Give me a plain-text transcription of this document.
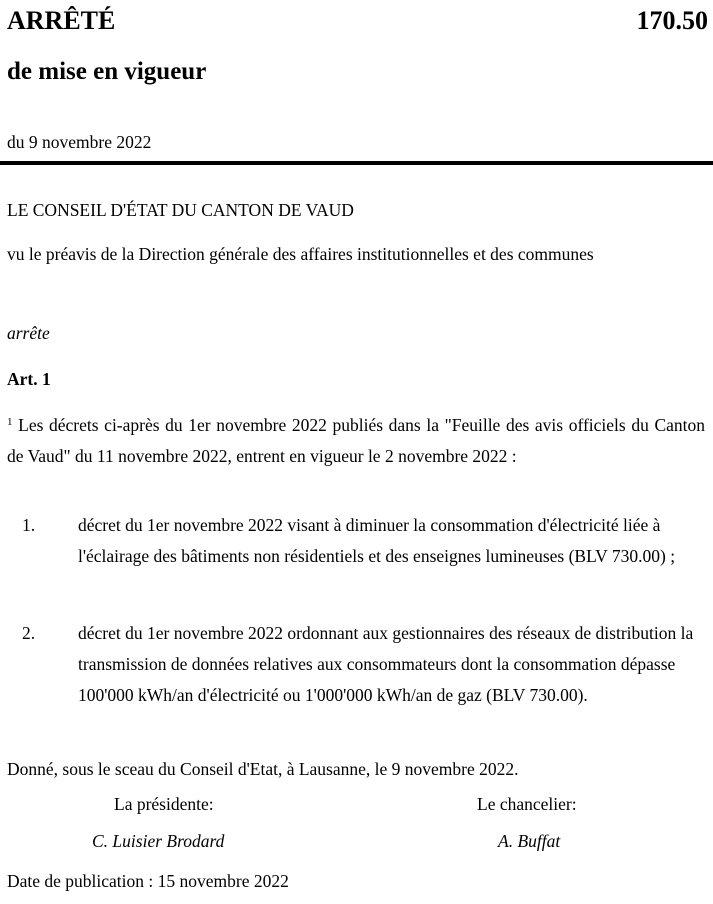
ARRÊTÉ	170.50
de mise en vigueur
du 9 novembre 2022
LE CONSEIL D'ÉTAT DU CANTON DE VAUD
vu le préavis de la Direction générale des affaires institutionnelles et des communes
arrête
Art. 1
$^1$ Les décrets ci-après du 1er novembre 2022 publiés dans la "Feuille des avis officiels du Canton de Vaud" du 11 novembre 2022, entrent en vigueur le 2 novembre 2022 :
1. décret du 1er novembre 2022 visant à diminuer la consommation d'électricité liée à l'éclairage des bâtiments non résidentiels et des enseignes lumineuses (BLV 730.00) ;
2. décret du 1er novembre 2022 ordonnant aux gestionnaires des réseaux de distribution la transmission de données relatives aux consommateurs dont la consommation dépasse 100'000 kWh/an d'électricité ou 1'000'000 kWh/an de gaz (BLV 730.00).
Donné, sous le sceau du Conseil d'Etat, à Lausanne, le 9 novembre 2022.
La présidente:	Le chancelier:
C. Luisier Brodard	A. Buffat
Date de publication : 15 novembre 2022
